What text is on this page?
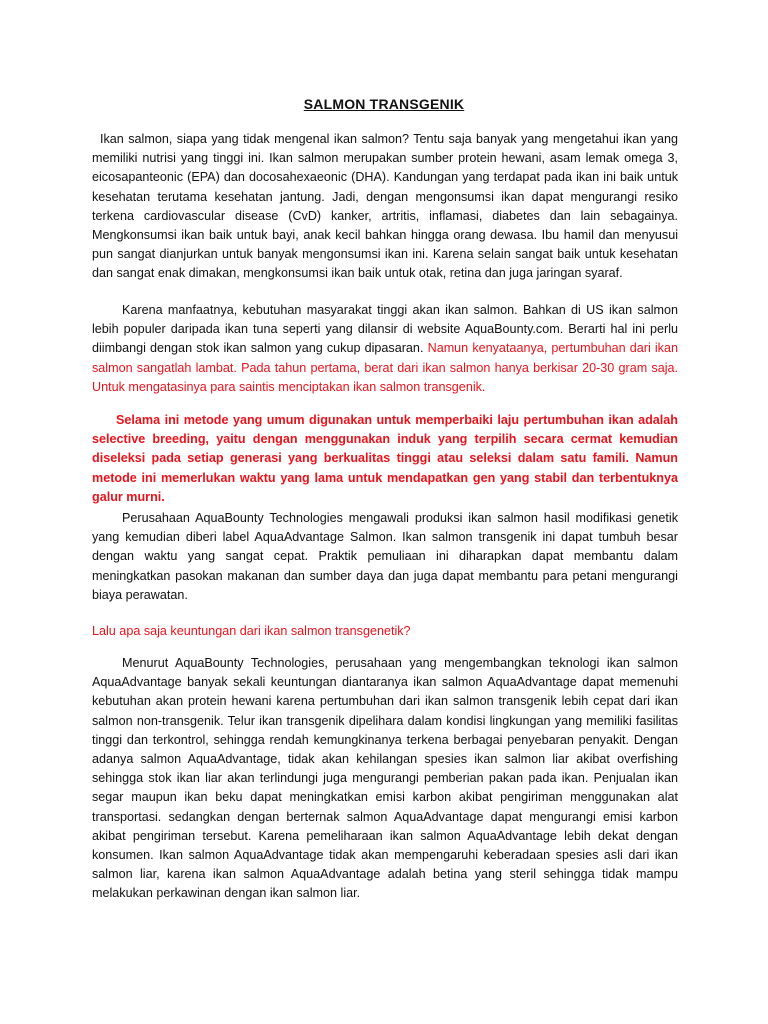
SALMON TRANSGENIK
Ikan salmon, siapa yang tidak mengenal ikan salmon? Tentu saja banyak yang mengetahui ikan yang memiliki nutrisi yang tinggi ini. Ikan salmon merupakan sumber protein hewani, asam lemak omega 3, eicosapanteonic (EPA) dan docosahexaeonic (DHA). Kandungan yang terdapat pada ikan ini baik untuk kesehatan terutama kesehatan jantung. Jadi, dengan mengonsumsi ikan dapat mengurangi resiko terkena cardiovascular disease (CvD) kanker, artritis, inflamasi, diabetes dan lain sebagainya. Mengkonsumsi ikan baik untuk bayi, anak kecil bahkan hingga orang dewasa. Ibu hamil dan menyusui pun sangat dianjurkan untuk banyak mengonsumsi ikan ini. Karena selain sangat baik untuk kesehatan dan sangat enak dimakan, mengkonsumsi ikan baik untuk otak, retina dan juga jaringan syaraf.
Karena manfaatnya, kebutuhan masyarakat tinggi akan ikan salmon. Bahkan di US ikan salmon lebih populer daripada ikan tuna seperti yang dilansir di website AquaBounty.com. Berarti hal ini perlu diimbangi dengan stok ikan salmon yang cukup dipasaran. Namun kenyataanya, pertumbuhan dari ikan salmon sangatlah lambat. Pada tahun pertama, berat dari ikan salmon hanya berkisar 20-30 gram saja. Untuk mengatasinya para saintis menciptakan ikan salmon transgenik.
Selama ini metode yang umum digunakan untuk memperbaiki laju pertumbuhan ikan adalah selective breeding, yaitu dengan menggunakan induk yang terpilih secara cermat kemudian diseleksi pada setiap generasi yang berkualitas tinggi atau seleksi dalam satu famili. Namun metode ini memerlukan waktu yang lama untuk mendapatkan gen yang stabil dan terbentuknya galur murni.
Perusahaan AquaBounty Technologies mengawali produksi ikan salmon hasil modifikasi genetik yang kemudian diberi label AquaAdvantage Salmon. Ikan salmon transgenik ini dapat tumbuh besar dengan waktu yang sangat cepat. Praktik pemuliaan ini diharapkan dapat membantu dalam meningkatkan pasokan makanan dan sumber daya dan juga dapat membantu para petani mengurangi biaya perawatan.
Lalu apa saja keuntungan dari ikan salmon transgenetik?
Menurut AquaBounty Technologies, perusahaan yang mengembangkan teknologi ikan salmon AquaAdvantage banyak sekali keuntungan diantaranya ikan salmon AquaAdvantage dapat memenuhi kebutuhan akan protein hewani karena pertumbuhan dari ikan salmon transgenik lebih cepat dari ikan salmon non-transgenik. Telur ikan transgenik dipelihara dalam kondisi lingkungan yang memiliki fasilitas tinggi dan terkontrol, sehingga rendah kemungkinanya terkena berbagai penyebaran penyakit. Dengan adanya salmon AquaAdvantage, tidak akan kehilangan spesies ikan salmon liar akibat overfishing sehingga stok ikan liar akan terlindungi juga mengurangi pemberian pakan pada ikan. Penjualan ikan segar maupun ikan beku dapat meningkatkan emisi karbon akibat pengiriman menggunakan alat transportasi. sedangkan dengan berternak salmon AquaAdvantage dapat mengurangi emisi karbon akibat pengiriman tersebut. Karena pemeliharaan ikan salmon AquaAdvantage lebih dekat dengan konsumen. Ikan salmon AquaAdvantage tidak akan mempengaruhi keberadaan spesies asli dari ikan salmon liar, karena ikan salmon AquaAdvantage adalah betina yang steril sehingga tidak mampu melakukan perkawinan dengan ikan salmon liar.
